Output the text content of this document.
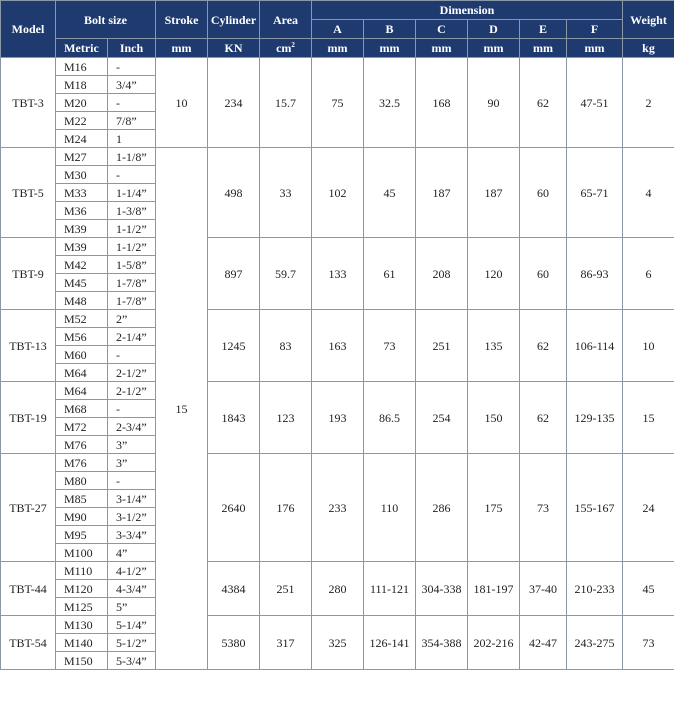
Model	Bolt size		Stroke	Cylinder	Area	Dimension						Weight
						A	B	C	D	E	F	
	Metric	Inch	mm	KN	$cm^2$	mm	mm	mm	mm	mm	mm	kg
TBT-3	M16	-	10	234	15.7	75	32.5	168	90	62	47-51	2
	M18	3/4”										
	M20	-										
	M22	7/8”										
	M24	1										
TBT-5	M27	1-1/8”	15	498	33	102	45	187	187	60	65-71	4
	M30	-										
	M33	1-1/4”										
	M36	1-3/8”										
	M39	1-1/2”										
TBT-9	M39	1-1/2”		897	59.7	133	61	208	120	60	86-93	6
	M42	1-5/8”										
	M45	1-7/8”										
	M48	1-7/8”										
TBT-13	M52	2”		1245	83	163	73	251	135	62	106-114	10
	M56	2-1/4”										
	M60	-										
	M64	2-1/2”										
TBT-19	M64	2-1/2”		1843	123	193	86.5	254	150	62	129-135	15
	M68	-										
	M72	2-3/4”										
	M76	3”										
TBT-27	M76	3”		2640	176	233	110	286	175	73	155-167	24
	M80	-										
	M85	3-1/4”										
	M90	3-1/2”										
	M95	3-3/4”										
	M100	4”										
TBT-44	M110	4-1/2”		4384	251	280	111-121	304-338	181-197	37-40	210-233	45
	M120	4-3/4”										
	M125	5”										
TBT-54	M130	5-1/4”		5380	317	325	126-141	354-388	202-216	42-47	243-275	73
	M140	5-1/2”										
	M150	5-3/4”										
